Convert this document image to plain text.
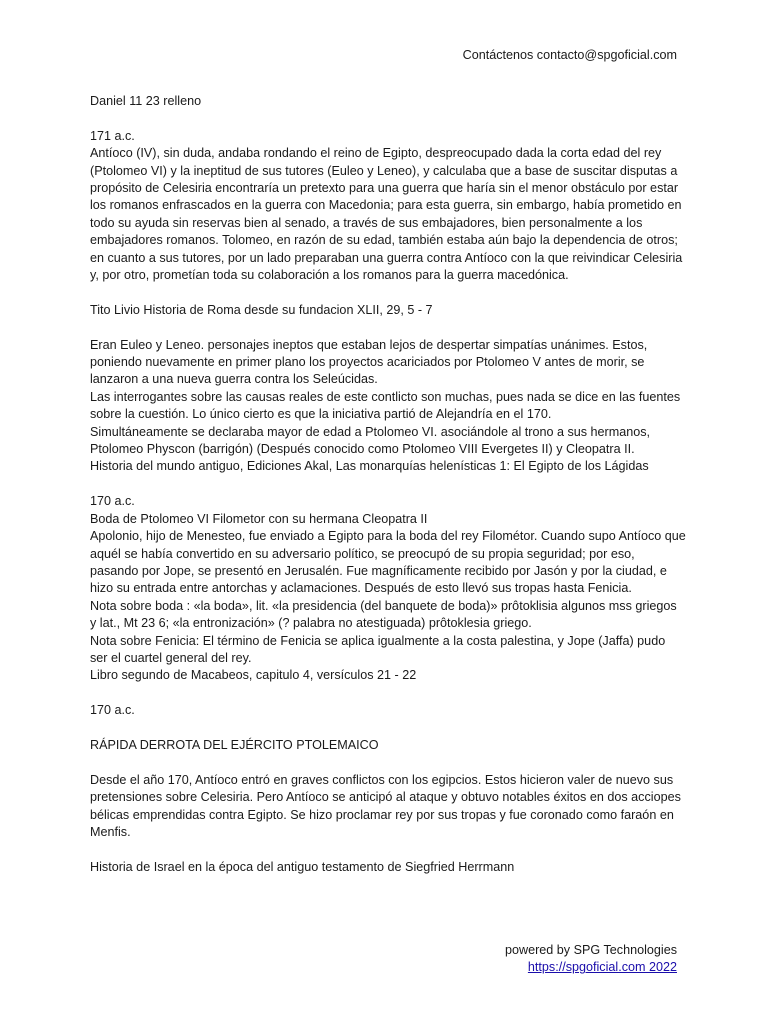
Contáctenos contacto@spgoficial.com

Daniel 11 23 relleno

171 a.c.
Antíoco (IV), sin duda, andaba rondando el reino de Egipto, despreocupado dada la corta edad del rey (Ptolomeo VI) y la ineptitud de sus tutores (Euleo y Leneo), y calculaba que a base de suscitar disputas a propósito de Celesiria encontraría un pretexto para una guerra que haría sin el menor obstáculo por estar los romanos enfrascados en la guerra con Macedonia; para esta guerra, sin embargo, había prometido en todo su ayuda sin reservas bien al senado, a través de sus embajadores, bien personalmente a los embajadores romanos. Tolomeo, en razón de su edad, también estaba aún bajo la dependencia de otros; en cuanto a sus tutores, por un lado preparaban una guerra contra Antíoco con la que reivindicar Celesiria y, por otro, prometían toda su colaboración a los romanos para la guerra macedónica.

Tito Livio Historia de Roma desde su fundacion XLII, 29, 5 - 7

Eran Euleo y Leneo. personajes ineptos que estaban lejos de despertar simpatías unánimes. Estos, poniendo nuevamente en primer plano los proyectos acariciados por Ptolomeo V antes de morir, se lanzaron a una nueva guerra contra los Seleúcidas.
Las interrogantes sobre las causas reales de este contlicto son muchas, pues nada se dice en las fuentes sobre la cuestión. Lo único cierto es que la iniciativa partió de Alejandría en el 170.
Simultáneamente se declaraba mayor de edad a Ptolomeo VI. asociándole al trono a sus hermanos, Ptolomeo Physcon (barrigón) (Después conocido como Ptolomeo VIII Evergetes II) y Cleopatra II.
Historia del mundo antiguo, Ediciones Akal, Las monarquías helenísticas 1: El Egipto de los Lágidas

170 a.c.
Boda de Ptolomeo VI Filometor con su hermana Cleopatra II
Apolonio, hijo de Menesteo, fue enviado a Egipto para la boda del rey Filométor. Cuando supo Antíoco que aquél se había convertido en su adversario político, se preocupó de su propia seguridad; por eso, pasando por Jope, se presentó en Jerusalén. Fue magníficamente recibido por Jasón y por la ciudad, e hizo su entrada entre antorchas y aclamaciones. Después de esto llevó sus tropas hasta Fenicia.
Nota sobre boda : «la boda», lit. «la presidencia (del banquete de boda)» prôtoklisia algunos mss griegos y lat., Mt 23 6; «la entronización» (? palabra no atestiguada) prôtoklesia griego.
Nota sobre Fenicia: El término de Fenicia se aplica igualmente a la costa palestina, y Jope (Jaffa) pudo ser el cuartel general del rey.
Libro segundo de Macabeos, capitulo 4, versículos 21 - 22

170 a.c.

RÁPIDA DERROTA DEL EJÉRCITO PTOLEMAICO

Desde el año 170, Antíoco entró en graves conflictos con los egipcios. Estos hicieron valer de nuevo sus pretensiones sobre Celesiria. Pero Antíoco se anticipó al ataque y obtuvo notables éxitos en dos acciopes bélicas emprendidas contra Egipto. Se hizo proclamar rey por sus tropas y fue coronado como faraón en Menfis.

Historia de Israel en la época del antiguo testamento de Siegfried Herrmann

powered by SPG Technologies
https://spgoficial.com 2022
